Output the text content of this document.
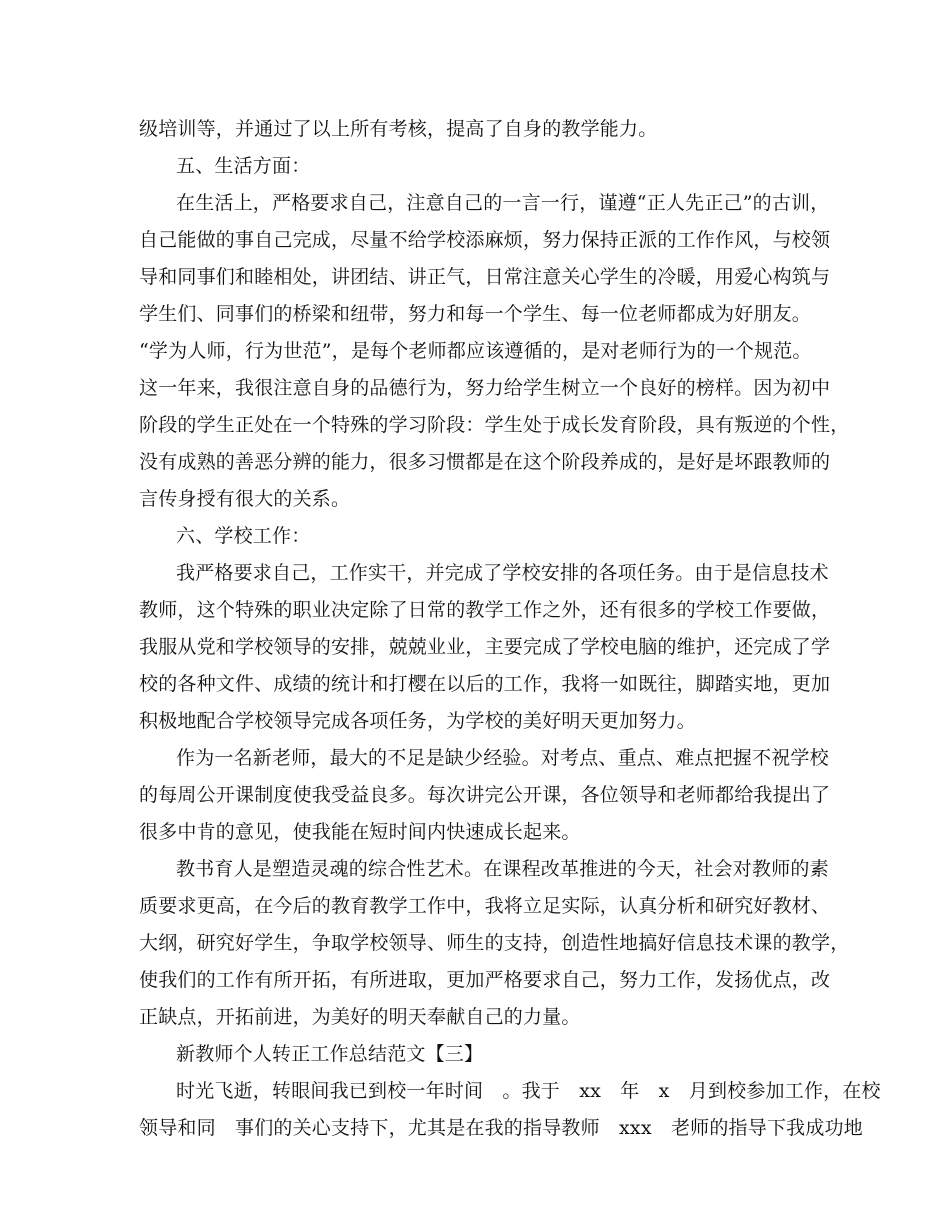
级培训等，并通过了以上所有考核，提高了自身的教学能力。
五、生活方面：
在生活上，严格要求自己，注意自己的一言一行，谨遵“正人先正己”的古训，
自己能做的事自己完成，尽量不给学校添麻烦，努力保持正派的工作作风，与校领
导和同事们和睦相处，讲团结、讲正气，日常注意关心学生的冷暖，用爱心构筑与
学生们、同事们的桥梁和纽带，努力和每一个学生、每一位老师都成为好朋友。
“学为人师，行为世范”，是每个老师都应该遵循的，是对老师行为的一个规范。
这一年来，我很注意自身的品德行为，努力给学生树立一个良好的榜样。因为初中
阶段的学生正处在一个特殊的学习阶段：学生处于成长发育阶段，具有叛逆的个性，
没有成熟的善恶分辨的能力，很多习惯都是在这个阶段养成的，是好是坏跟教师的
言传身授有很大的关系。
六、学校工作：
我严格要求自己，工作实干，并完成了学校安排的各项任务。由于是信息技术
教师，这个特殊的职业决定除了日常的教学工作之外，还有很多的学校工作要做，
我服从党和学校领导的安排，兢兢业业，主要完成了学校电脑的维护，还完成了学
校的各种文件、成绩的统计和打樱在以后的工作，我将一如既往，脚踏实地，更加
积极地配合学校领导完成各项任务，为学校的美好明天更加努力。
作为一名新老师，最大的不足是缺少经验。对考点、重点、难点把握不祝学校
的每周公开课制度使我受益良多。每次讲完公开课，各位领导和老师都给我提出了
很多中肯的意见，使我能在短时间内快速成长起来。
教书育人是塑造灵魂的综合性艺术。在课程改革推进的今天，社会对教师的素
质要求更高，在今后的教育教学工作中，我将立足实际，认真分析和研究好教材、
大纲，研究好学生，争取学校领导、师生的支持，创造性地搞好信息技术课的教学，
使我们的工作有所开拓，有所进取，更加严格要求自己，努力工作，发扬优点，改
正缺点，开拓前进，为美好的明天奉献自己的力量。
新教师个人转正工作总结范文【三】
时光飞逝，转眼间我已到校一年时间　。我于　xx　年　x　月到校参加工作，在校
领导和同　事们的关心支持下，尤其是在我的指导教师　xxx　老师的指导下我成功地
